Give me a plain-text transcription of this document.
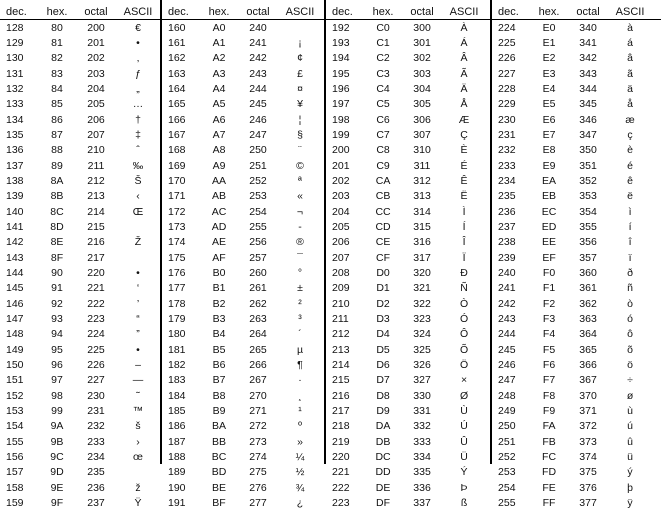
dec.	hex.	octal	ASCII
128	80	200	€
129	81	201	•
130	82	202	‚
131	83	203	ƒ
132	84	204	„
133	85	205	…
134	86	206	†
135	87	207	‡
136	88	210	ˆ
137	89	211	‰
138	8A	212	Š
139	8B	213	‹
140	8C	214	Œ
141	8D	215
142	8E	216	Ž
143	8F	217
144	90	220	•
145	91	221	‘
146	92	222	’
147	93	223	“
148	94	224	”
149	95	225	•
150	96	226	–
151	97	227	—
152	98	230	˜
153	99	231	™
154	9A	232	š
155	9B	233	›
156	9C	234	œ
157	9D	235
158	9E	236	ž
159	9F	237	Ÿ
dec.	hex.	octal	ASCII
160	A0	240
161	A1	241	¡
162	A2	242	¢
163	A3	243	£
164	A4	244	¤
165	A5	245	¥
166	A6	246	¦
167	A7	247	§
168	A8	250	¨
169	A9	251	©
170	AA	252	ª
171	AB	253	«
172	AC	254	¬
173	AD	255	-
174	AE	256	®
175	AF	257	¯
176	B0	260	°
177	B1	261	±
178	B2	262	²
179	B3	263	³
180	B4	264	´
181	B5	265	µ
182	B6	266	¶
183	B7	267	·
184	B8	270	¸
185	B9	271	¹
186	BA	272	º
187	BB	273	»
188	BC	274	¼
189	BD	275	½
190	BE	276	¾
191	BF	277	¿
dec.	hex.	octal	ASCII
192	C0	300	À
193	C1	301	Á
194	C2	302	Â
195	C3	303	Ã
196	C4	304	Ä
197	C5	305	Å
198	C6	306	Æ
199	C7	307	Ç
200	C8	310	È
201	C9	311	É
202	CA	312	Ê
203	CB	313	Ë
204	CC	314	Ì
205	CD	315	Í
206	CE	316	Î
207	CF	317	Ï
208	D0	320	Ð
209	D1	321	Ñ
210	D2	322	Ò
211	D3	323	Ó
212	D4	324	Ô
213	D5	325	Õ
214	D6	326	Ö
215	D7	327	×
216	D8	330	Ø
217	D9	331	Ù
218	DA	332	Ú
219	DB	333	Û
220	DC	334	Ü
221	DD	335	Ý
222	DE	336	Þ
223	DF	337	ß
dec.	hex.	octal	ASCII
224	E0	340	à
225	E1	341	á
226	E2	342	â
227	E3	343	ã
228	E4	344	ä
229	E5	345	å
230	E6	346	æ
231	E7	347	ç
232	E8	350	è
233	E9	351	é
234	EA	352	ê
235	EB	353	ë
236	EC	354	ì
237	ED	355	í
238	EE	356	î
239	EF	357	ï
240	F0	360	ð
241	F1	361	ñ
242	F2	362	ò
243	F3	363	ó
244	F4	364	ô
245	F5	365	õ
246	F6	366	ö
247	F7	367	÷
248	F8	370	ø
249	F9	371	ù
250	FA	372	ú
251	FB	373	û
252	FC	374	ü
253	FD	375	ý
254	FE	376	þ
255	FF	377	ÿ
